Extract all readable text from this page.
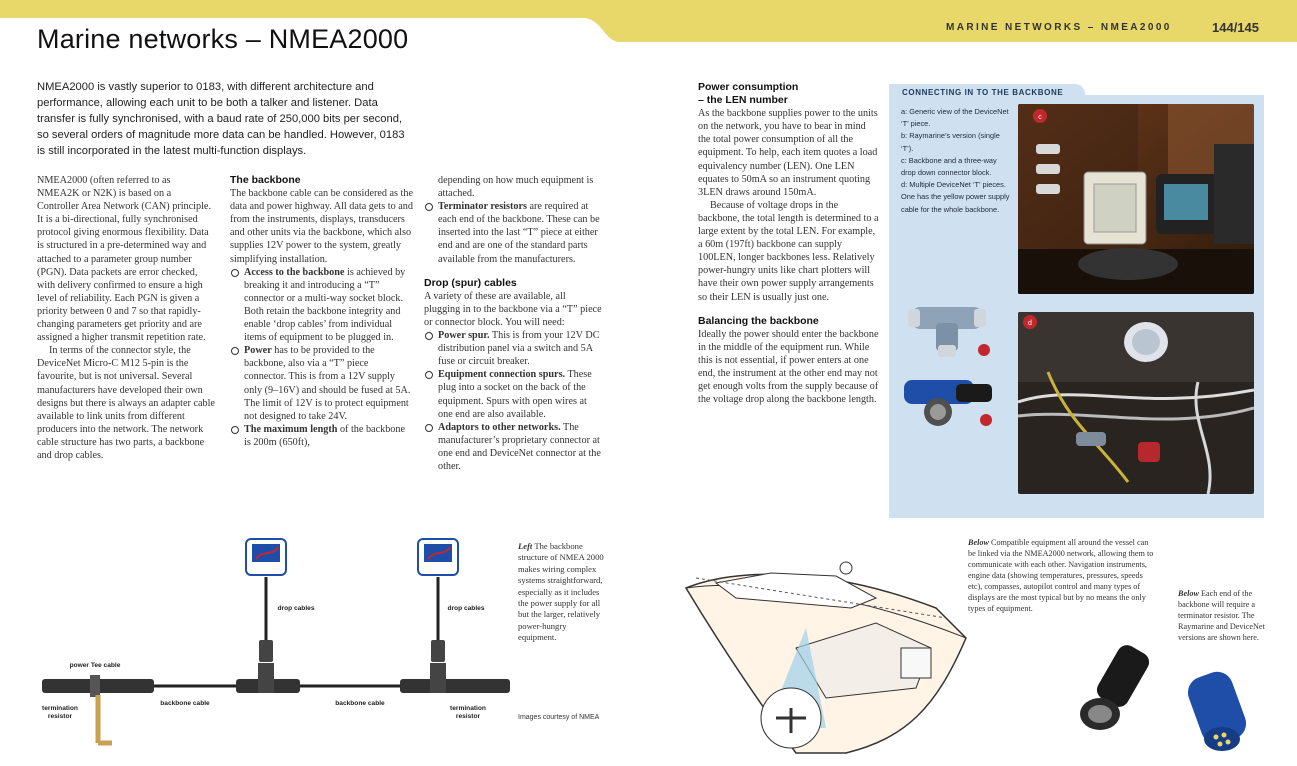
Marine networks – NMEA2000	MARINE NETWORKS – NMEA2000	144/145
NMEA2000 is vastly superior to 0183, with different architecture and performance, allowing each unit to be both a talker and listener. Data transfer is fully synchronised, with a baud rate of 250,000 bits per second, so several orders of magnitude more data can be handled. However, 0183 is still incorporated in the latest multi-function displays.

NMEA2000 (often referred to as NMEA2K or N2K) is based on a Controller Area Network (CAN) principle. It is a bi-directional, fully synchronised protocol giving enormous flexibility. Data is structured in a pre-determined way and attached to a parameter group number (PGN). Data packets are error checked, with delivery confirmed to ensure a high level of reliability. Each PGN is given a priority between 0 and 7 so that rapidly-changing parameters get priority and are assigned a higher transmit repetition rate.

In terms of the connector style, the DeviceNet Micro-C M12 5-pin is the favourite, but is not universal. Several manufacturers have developed their own designs but there is always an adapter cable available to link units from different producers into the network. The network cable structure has two parts, a backbone and drop cables.

The backbone

The backbone cable can be considered as the data and power highway. All data gets to and from the instruments, displays, transducers and other units via the backbone, which also supplies 12V power to the system, greatly simplifying installation.

Access to the backbone is achieved by breaking it and introducing a “T” connector or a multi-way socket block. Both retain the backbone integrity and enable ‘drop cables’ from individual items of equipment to be plugged in.

Power has to be provided to the backbone, also via a “T” piece connector. This is from a 12V supply only (9–16V) and should be fused at 5A. The limit of 12V is to protect equipment not designed to take 24V.

The maximum length of the backbone is 200m (650ft),

depending on how much equipment is attached.

Terminator resistors are required at each end of the backbone. These can be inserted into the last “T” piece at either end and are one of the standard parts available from the manufacturers.

Drop (spur) cables

A variety of these are available, all plugging in to the backbone via a “T” piece or connector block. You will need:

Power spur. This is from your 12V DC distribution panel via a switch and 5A fuse or circuit breaker.

Equipment connection spurs. These plug into a socket on the back of the equipment. Spurs with open wires at one end are also available.

Adaptors to other networks. The manufacturer’s proprietary connector at one end and DeviceNet connector at the other.

Power consumption

– the LEN number

As the backbone supplies power to the units on the network, you have to bear in mind the total power consumption of all the equipment. To help, each item quotes a load equivalency number (LEN). One LEN equates to 50mA so an instrument quoting 3LEN draws around 150mA.

Because of voltage drops in the backbone, the total length is determined to a large extent by the total LEN. For example, a 60m (197ft) backbone can supply 100LEN, longer backbones less. Relatively power-hungry units like chart plotters will have their own power supply arrangements so their LEN is usually just one.

Balancing the backbone

Ideally the power should enter the backbone in the middle of the equipment run. While this is not essential, if power enters at one end, the instrument at the other end may not get enough volts from the supply because of the voltage drop along the backbone length.

CONNECTING IN TO THE BACKBONE

a: Generic view of the DeviceNet ‘T’ piece.

b: Raymarine’s version (single ‘T’).

c: Backbone and a three-way drop down connector block.

d: Multiple DeviceNet ‘T’ pieces. One has the yellow power supply cable for the whole backbone.

c
d
drop cables	drop cables
power Tee cable
backbone cable	backbone cable
termination resistor
termination resistor	Images courtesy of NMEA
Left The backbone structure of NMEA 2000 makes wiring complex systems straightforward, especially as it includes the power supply for all but the larger, relatively power-hungry equipment.
Below Compatible equipment all around the vessel can be linked via the NMEA2000 network, allowing them to communicate with each other. Navigation instruments, engine data (showing temperatures, pressures, speeds etc), compasses, autopilot control and many types of displays are the most typical but by no means the only types of equipment.
Below Each end of the backbone will require a terminator resistor. The Raymarine and DeviceNet versions are shown here.
